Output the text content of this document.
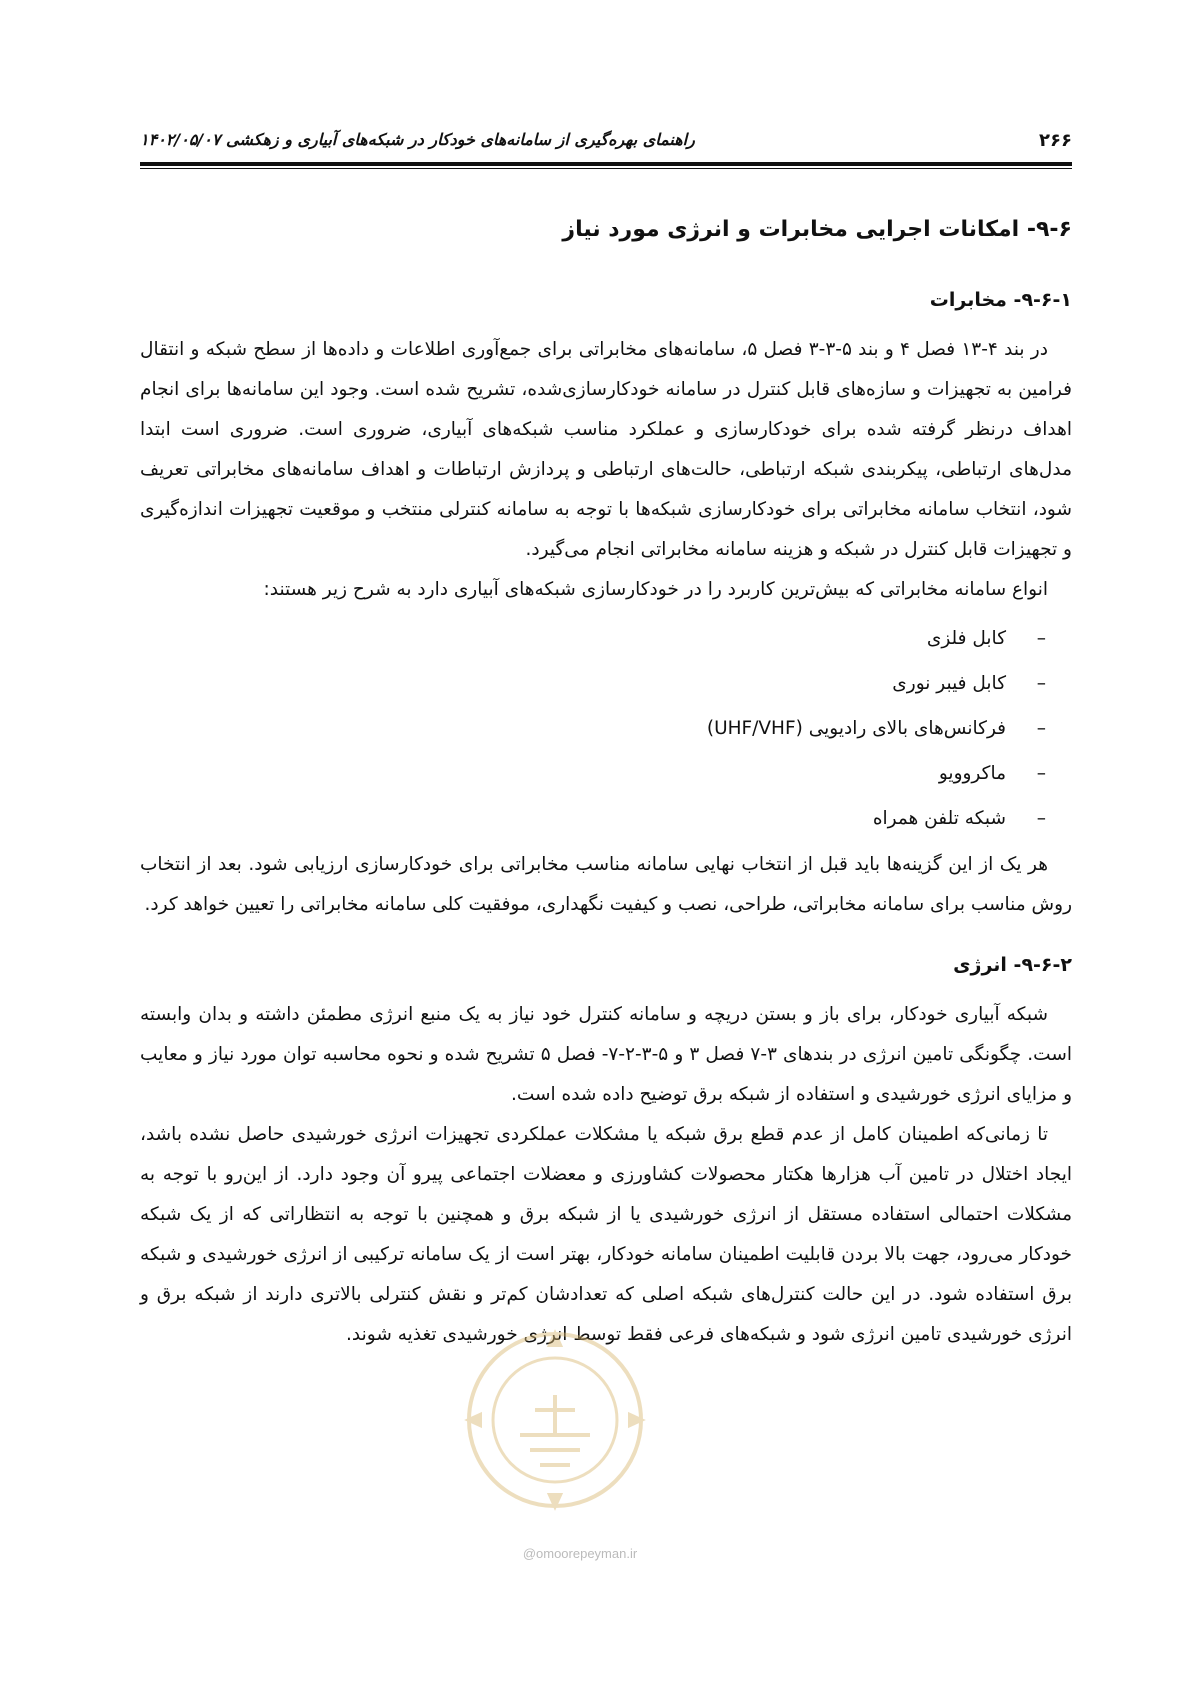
۲۶۶
راهنمای بهره‌گیری از سامانه‌های خودکار در شبکه‌های آبیاری و زهکشی ۱۴۰۲/۰۵/۰۷
۹-۶- امکانات اجرایی مخابرات و انرژی مورد نیاز
۹-۶-۱- مخابرات

در بند ۴-۱۳ فصل ۴ و بند ۵-۳-۳ فصل ۵، سامانه‌های مخابراتی برای جمع‌آوری اطلاعات و داده‌ها از سطح شبکه و انتقال فرامین به تجهیزات و سازه‌های قابل کنترل در سامانه خودکارسازی‌شده، تشریح شده است. وجود این سامانه‌ها برای انجام اهداف درنظر گرفته شده برای خودکارسازی و عملکرد مناسب شبکه‌های آبیاری، ضروری است. ضروری است ابتدا مدل‌های ارتباطی، پیکربندی شبکه ارتباطی، حالت‌های ارتباطی و پردازش ارتباطات و اهداف سامانه‌های مخابراتی تعریف شود، انتخاب سامانه مخابراتی برای خودکارسازی شبکه‌ها با توجه به سامانه کنترلی منتخب و موقعیت تجهیزات اندازه‌گیری و تجهیزات قابل کنترل در شبکه و هزینه سامانه مخابراتی انجام می‌گیرد.

انواع سامانه مخابراتی که بیش‌ترین کاربرد را در خودکارسازی شبکه‌های آبیاری دارد به شرح زیر هستند:

–
کابل فلزی
–
کابل فیبر نوری
–
فرکانس‌های بالای رادیویی (UHF/VHF)
–
ماکروویو
–
شبکه تلفن همراه

هر یک از این گزینه‌ها باید قبل از انتخاب نهایی سامانه مناسب مخابراتی برای خودکارسازی ارزیابی شود. بعد از انتخاب روش مناسب برای سامانه مخابراتی، طراحی، نصب و کیفیت نگهداری، موفقیت کلی سامانه مخابراتی را تعیین خواهد کرد.

۹-۶-۲- انرژی

شبکه آبیاری خودکار، برای باز و بستن دریچه و سامانه کنترل خود نیاز به یک منبع انرژی مطمئن داشته و بدان وابسته است. چگونگی تامین انرژی در بندهای ۳-۷ فصل ۳ و ۵-۳-۲-۷- فصل ۵ تشریح شده و نحوه محاسبه توان مورد نیاز و معایب و مزایای انرژی خورشیدی و استفاده از شبکه برق توضیح داده شده است.

تا زمانی‌که اطمینان کامل از عدم قطع برق شبکه یا مشکلات عملکردی تجهیزات انرژی خورشیدی حاصل نشده باشد، ایجاد اختلال در تامین آب هزارها هکتار محصولات کشاورزی و معضلات اجتماعی پیرو آن وجود دارد. از این‌رو با توجه به مشکلات احتمالی استفاده مستقل از انرژی خورشیدی یا از شبکه برق و همچنین با توجه به انتظاراتی که از یک شبکه خودکار می‌رود، جهت بالا بردن قابلیت اطمینان سامانه خودکار، بهتر است از یک سامانه ترکیبی از انرژی خورشیدی و شبکه برق استفاده شود. در این حالت کنترل‌های شبکه اصلی که تعدادشان کم‌تر و نقش کنترلی بالاتری دارند از شبکه برق و انرژی خورشیدی تامین انرژی شود و شبکه‌های فرعی فقط توسط انرژی خورشیدی تغذیه شوند.

@omoorepeyman.ir
